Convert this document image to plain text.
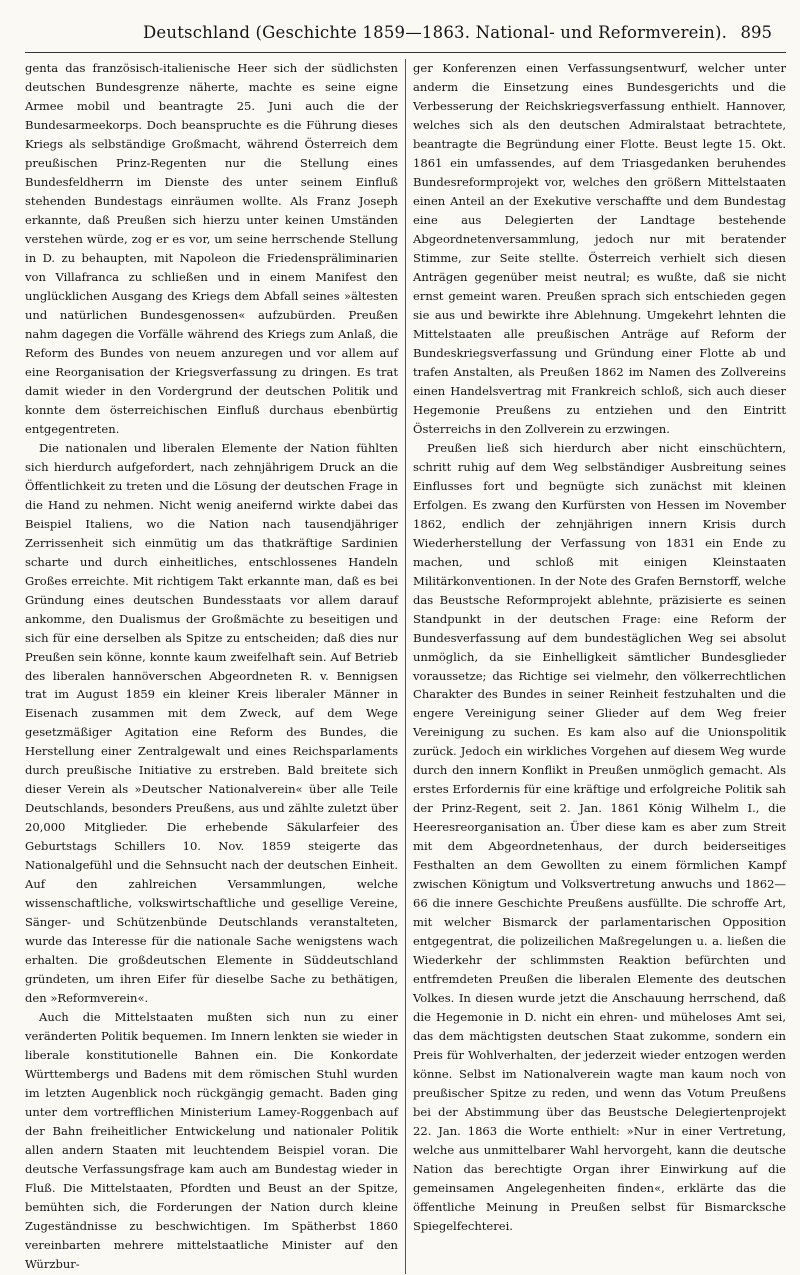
Deutschland (Geschichte 1859—1863. National- und Reformverein). 895

genta das französisch-italienische Heer sich der südlichsten deutschen Bundesgrenze näherte, machte es seine eigne Armee mobil und beantragte 25. Juni auch die der Bundesarmeekorps. Doch beanspruchte es die Führung dieses Kriegs als selbständige Großmacht, während Österreich dem preußischen Prinz-Regenten nur die Stellung eines Bundesfeldherrn im Dienste des unter seinem Einfluß stehenden Bundestags einräumen wollte. Als Franz Joseph erkannte, daß Preußen sich hierzu unter keinen Umständen verstehen würde, zog er es vor, um seine herrschende Stellung in D. zu behaupten, mit Napoleon die Friedenspräliminarien von Villafranca zu schließen und in einem Manifest den unglücklichen Ausgang des Kriegs dem Abfall seines »ältesten und natürlichen Bundesgenossen« aufzubürden. Preußen nahm dagegen die Vorfälle während des Kriegs zum Anlaß, die Reform des Bundes von neuem anzuregen und vor allem auf eine Reorganisation der Kriegsverfassung zu dringen. Es trat damit wieder in den Vordergrund der deutschen Politik und konnte dem österreichischen Einfluß durchaus ebenbürtig entgegentreten.

Die nationalen und liberalen Elemente der Nation fühlten sich hierdurch aufgefordert, nach zehnjährigem Druck an die Öffentlichkeit zu treten und die Lösung der deutschen Frage in die Hand zu nehmen. Nicht wenig aneifernd wirkte dabei das Beispiel Italiens, wo die Nation nach tausendjähriger Zerrissenheit sich einmütig um das thatkräftige Sardinien scharte und durch einheitliches, entschlossenes Handeln Großes erreichte. Mit richtigem Takt erkannte man, daß es bei Gründung eines deutschen Bundesstaats vor allem darauf ankomme, den Dualismus der Großmächte zu beseitigen und sich für eine derselben als Spitze zu entscheiden; daß dies nur Preußen sein könne, konnte kaum zweifelhaft sein. Auf Betrieb des liberalen hannöverschen Abgeordneten R. v. Bennigsen trat im August 1859 ein kleiner Kreis liberaler Männer in Eisenach zusammen mit dem Zweck, auf dem Wege gesetzmäßiger Agitation eine Reform des Bundes, die Herstellung einer Zentralgewalt und eines Reichsparlaments durch preußische Initiative zu erstreben. Bald breitete sich dieser Verein als »Deutscher Nationalverein« über alle Teile Deutschlands, besonders Preußens, aus und zählte zuletzt über 20,000 Mitglieder. Die erhebende Säkularfeier des Geburtstags Schillers 10. Nov. 1859 steigerte das Nationalgefühl und die Sehnsucht nach der deutschen Einheit. Auf den zahlreichen Versammlungen, welche wissenschaftliche, volkswirtschaftliche und gesellige Vereine, Sänger- und Schützenbünde Deutschlands veranstalteten, wurde das Interesse für die nationale Sache wenigstens wach erhalten. Die großdeutschen Elemente in Süddeutschland gründeten, um ihren Eifer für dieselbe Sache zu bethätigen, den »Reformverein«.

Auch die Mittelstaaten mußten sich nun zu einer veränderten Politik bequemen. Im Innern lenkten sie wieder in liberale konstitutionelle Bahnen ein. Die Konkordate Württembergs und Badens mit dem römischen Stuhl wurden im letzten Augenblick noch rückgängig gemacht. Baden ging unter dem vortrefflichen Ministerium Lamey-Roggenbach auf der Bahn freiheitlicher Entwickelung und nationaler Politik allen andern Staaten mit leuchtendem Beispiel voran. Die deutsche Verfassungsfrage kam auch am Bundestag wieder in Fluß. Die Mittelstaaten, Pfordten und Beust an der Spitze, bemühten sich, die Forderungen der Nation durch kleine Zugeständnisse zu beschwichtigen. Im Spätherbst 1860 vereinbarten mehrere mittelstaatliche Minister auf den Würzbur-

ger Konferenzen einen Verfassungsentwurf, welcher unter anderm die Einsetzung eines Bundesgerichts und die Verbesserung der Reichskriegsverfassung enthielt. Hannover, welches sich als den deutschen Admiralstaat betrachtete, beantragte die Begründung einer Flotte. Beust legte 15. Okt. 1861 ein umfassendes, auf dem Triasgedanken beruhendes Bundesreformprojekt vor, welches den größern Mittelstaaten einen Anteil an der Exekutive verschaffte und dem Bundestag eine aus Delegierten der Landtage bestehende Abgeordnetenversammlung, jedoch nur mit beratender Stimme, zur Seite stellte. Österreich verhielt sich diesen Anträgen gegenüber meist neutral; es wußte, daß sie nicht ernst gemeint waren. Preußen sprach sich entschieden gegen sie aus und bewirkte ihre Ablehnung. Umgekehrt lehnten die Mittelstaaten alle preußischen Anträge auf Reform der Bundeskriegsverfassung und Gründung einer Flotte ab und trafen Anstalten, als Preußen 1862 im Namen des Zollvereins einen Handelsvertrag mit Frankreich schloß, sich auch dieser Hegemonie Preußens zu entziehen und den Eintritt Österreichs in den Zollverein zu erzwingen.

Preußen ließ sich hierdurch aber nicht einschüchtern, schritt ruhig auf dem Weg selbständiger Ausbreitung seines Einflusses fort und begnügte sich zunächst mit kleinen Erfolgen. Es zwang den Kurfürsten von Hessen im November 1862, endlich der zehnjährigen innern Krisis durch Wiederherstellung der Verfassung von 1831 ein Ende zu machen, und schloß mit einigen Kleinstaaten Militärkonventionen. In der Note des Grafen Bernstorff, welche das Beustsche Reformprojekt ablehnte, präzisierte es seinen Standpunkt in der deutschen Frage: eine Reform der Bundesverfassung auf dem bundestäglichen Weg sei absolut unmöglich, da sie Einhelligkeit sämtlicher Bundesglieder voraussetze; das Richtige sei vielmehr, den völkerrechtlichen Charakter des Bundes in seiner Reinheit festzuhalten und die engere Vereinigung seiner Glieder auf dem Weg freier Vereinigung zu suchen. Es kam also auf die Unionspolitik zurück. Jedoch ein wirkliches Vorgehen auf diesem Weg wurde durch den innern Konflikt in Preußen unmöglich gemacht. Als erstes Erfordernis für eine kräftige und erfolgreiche Politik sah der Prinz-Regent, seit 2. Jan. 1861 König Wilhelm I., die Heeresreorganisation an. Über diese kam es aber zum Streit mit dem Abgeordnetenhaus, der durch beiderseitiges Festhalten an dem Gewollten zu einem förmlichen Kampf zwischen Königtum und Volksvertretung anwuchs und 1862—66 die innere Geschichte Preußens ausfüllte. Die schroffe Art, mit welcher Bismarck der parlamentarischen Opposition entgegentrat, die polizeilichen Maßregelungen u. a. ließen die Wiederkehr der schlimmsten Reaktion befürchten und entfremdeten Preußen die liberalen Elemente des deutschen Volkes. In diesen wurde jetzt die Anschauung herrschend, daß die Hegemonie in D. nicht ein ehren- und müheloses Amt sei, das dem mächtigsten deutschen Staat zukomme, sondern ein Preis für Wohlverhalten, der jederzeit wieder entzogen werden könne. Selbst im Nationalverein wagte man kaum noch von preußischer Spitze zu reden, und wenn das Votum Preußens bei der Abstimmung über das Beustsche Delegiertenprojekt 22. Jan. 1863 die Worte enthielt: »Nur in einer Vertretung, welche aus unmittelbarer Wahl hervorgeht, kann die deutsche Nation das berechtigte Organ ihrer Einwirkung auf die gemeinsamen Angelegenheiten finden«, erklärte das die öffentliche Meinung in Preußen selbst für Bismarcksche Spiegelfechterei.
